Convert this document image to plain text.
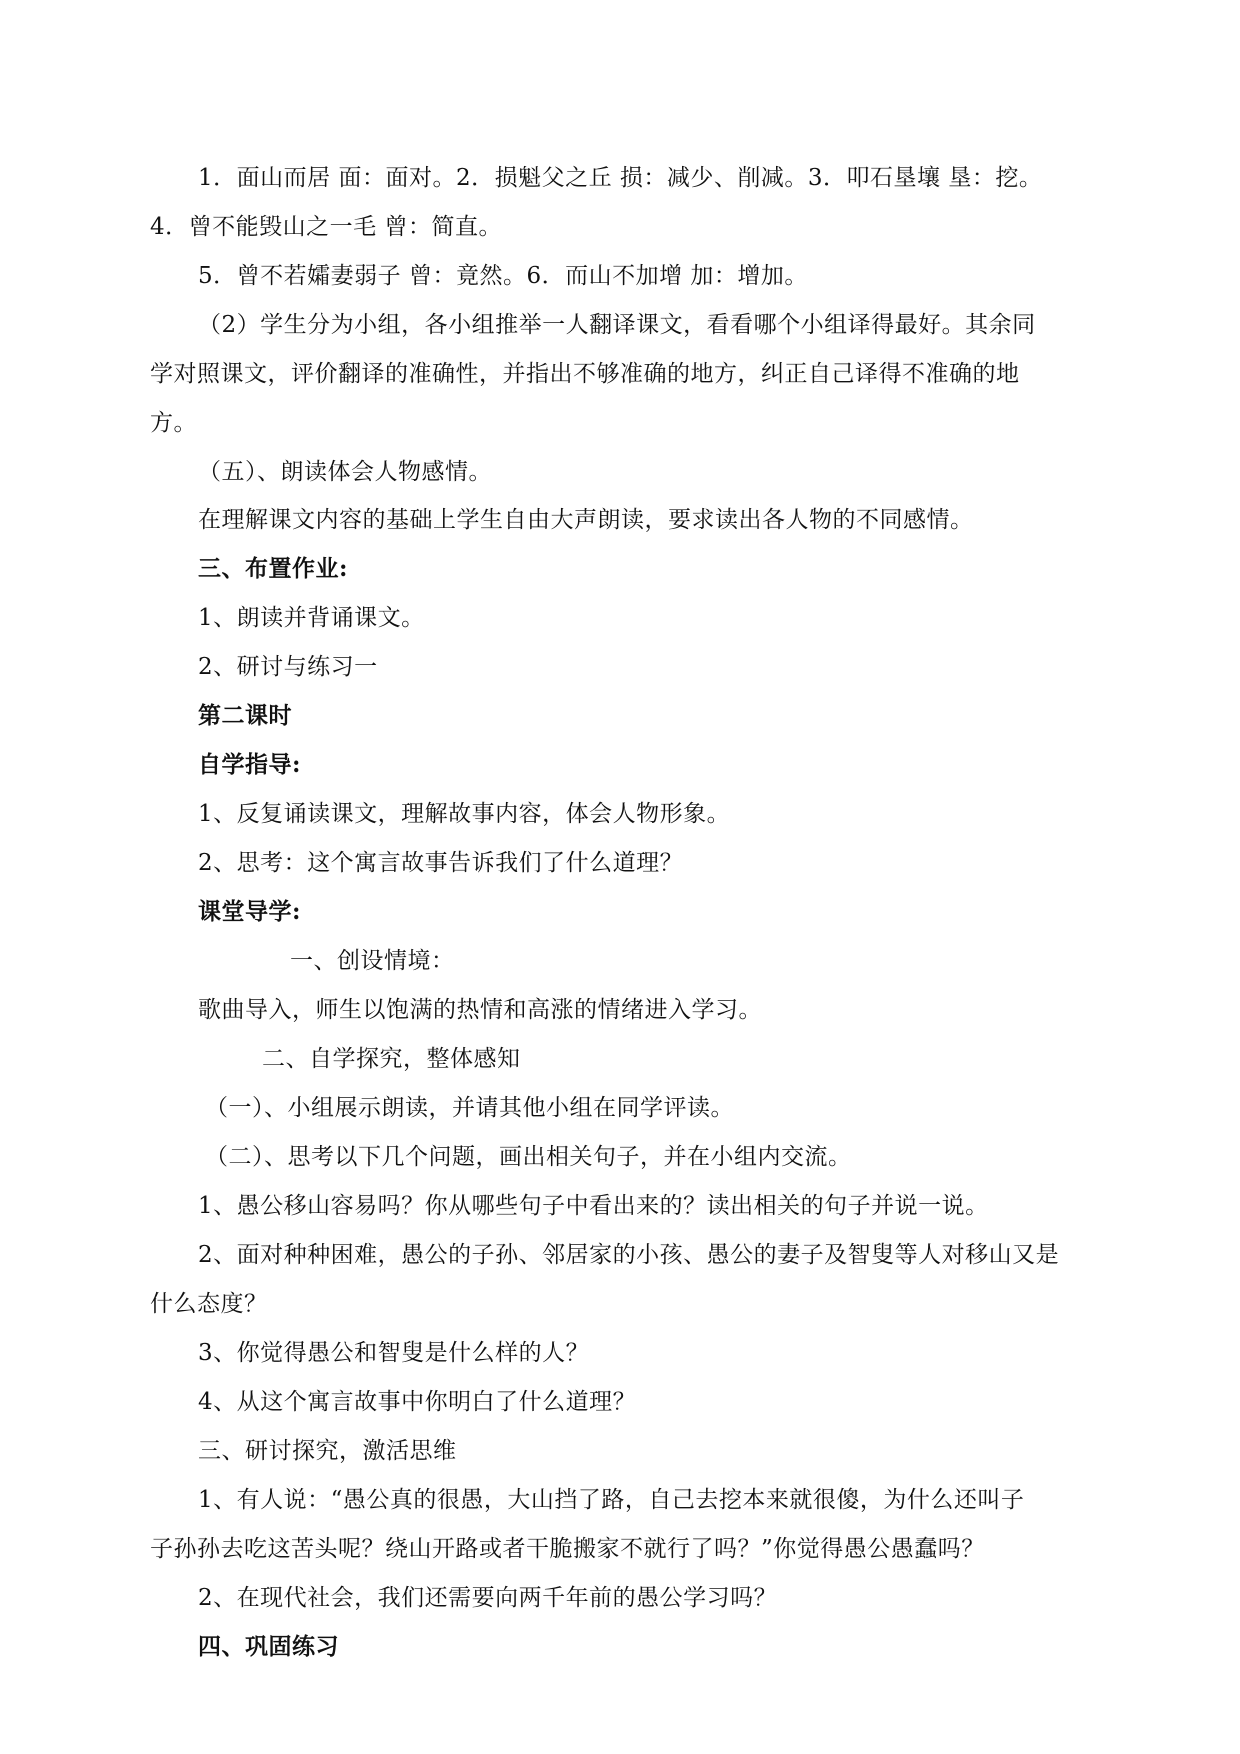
1．面山而居 面：面对。2．损魁父之丘 损：减少、削减。3．叩石垦壤 垦：挖。
4．曾不能毁山之一毛 曾：简直。
5．曾不若孀妻弱子 曾：竟然。6．而山不加增 加：增加。
（2）学生分为小组，各小组推举一人翻译课文，看看哪个小组译得最好。其余同
学对照课文，评价翻译的准确性，并指出不够准确的地方，纠正自己译得不准确的地
方。
（五）、朗读体会人物感情。
在理解课文内容的基础上学生自由大声朗读，要求读出各人物的不同感情。
三、布置作业:
1、朗读并背诵课文。
2、研讨与练习一
第二课时
自学指导:
1、反复诵读课文，理解故事内容，体会人物形象。
2、思考：这个寓言故事告诉我们了什么道理？
课堂导学:
一、创设情境：
歌曲导入，师生以饱满的热情和高涨的情绪进入学习。
二、自学探究，整体感知
（一）、小组展示朗读，并请其他小组在同学评读。
（二）、思考以下几个问题，画出相关句子，并在小组内交流。
1、愚公移山容易吗？你从哪些句子中看出来的？读出相关的句子并说一说。
2、面对种种困难，愚公的子孙、邻居家的小孩、愚公的妻子及智叟等人对移山又是
什么态度？
3、你觉得愚公和智叟是什么样的人？
4、从这个寓言故事中你明白了什么道理？
三、研讨探究，激活思维
1、有人说：“愚公真的很愚，大山挡了路，自己去挖本来就很傻，为什么还叫子
子孙孙去吃这苦头呢？绕山开路或者干脆搬家不就行了吗？”你觉得愚公愚蠢吗？
2、在现代社会，我们还需要向两千年前的愚公学习吗？
四、巩固练习
